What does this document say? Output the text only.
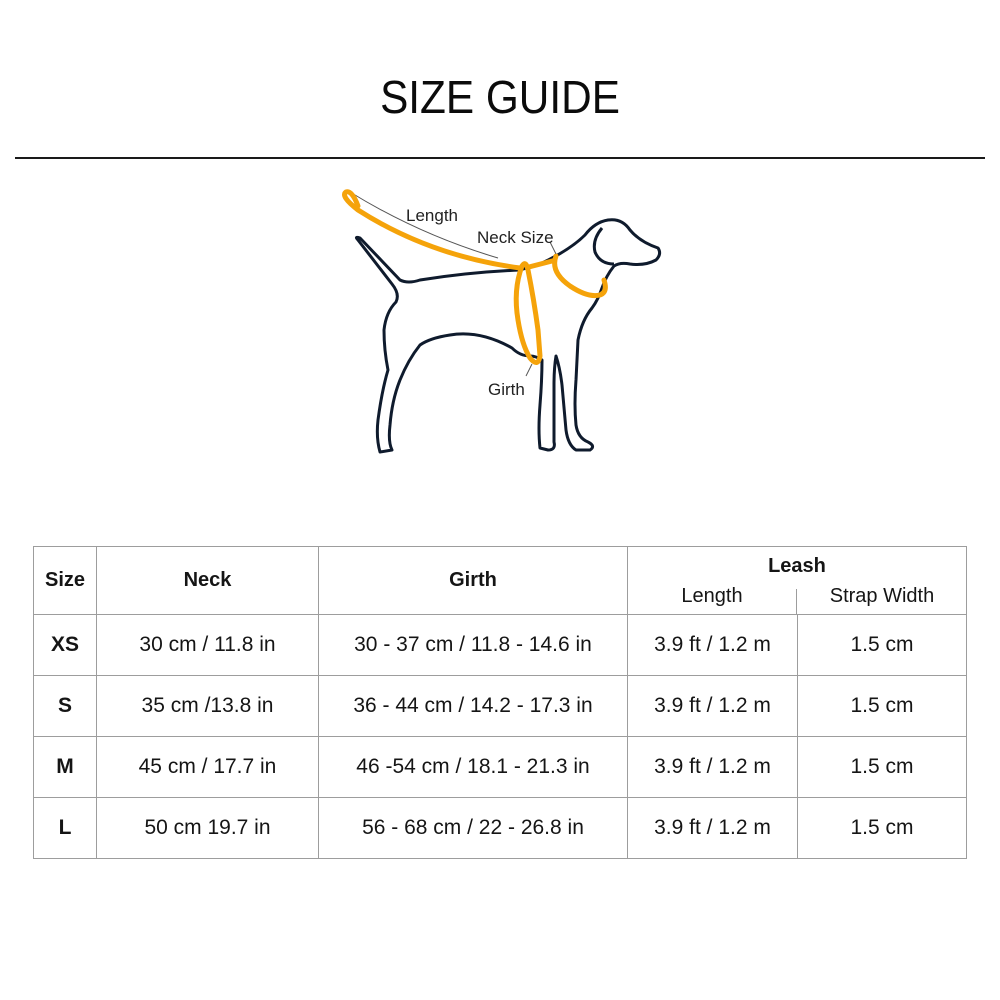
SIZE GUIDE
Length
Neck Size
Girth
Size	Neck	Girth	Leash
Length Strap Width	

XS	30 cm / 11.8 in	30 - 37 cm / 11.8 - 14.6 in	3.9 ft / 1.2 m	1.5 cm
S	35 cm /13.8 in	36 - 44 cm / 14.2 - 17.3 in	3.9 ft / 1.2 m	1.5 cm
M	45 cm / 17.7 in	46 -54 cm / 18.1 - 21.3 in	3.9 ft / 1.2 m	1.5 cm
L	50 cm 19.7 in	56 - 68 cm / 22 - 26.8 in	3.9 ft / 1.2 m	1.5 cm
